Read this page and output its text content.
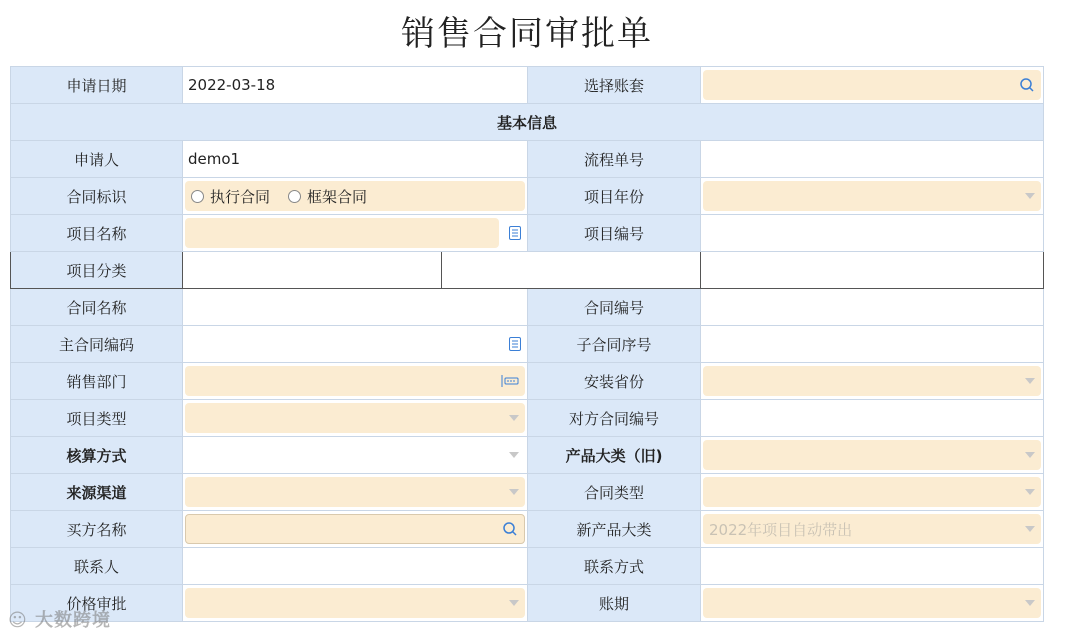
销售合同审批单
申请日期	2022-03-18		选择账套	

基本信息				
申请人	demo1		流程单号	
合同标识	执行合同 框架合同		项目年份	

项目名称			项目编号	
项目分类				
合同名称			合同编号	
主合同编码			子合同序号	
销售部门			安装省份	

项目类型			对方合同编号	
核算方式			产品大类（旧)	

来源渠道			合同类型	

买方名称			新产品大类	2022年项目自动带出

联系人			联系方式	
价格审批			账期	
☺ 大数跨境
